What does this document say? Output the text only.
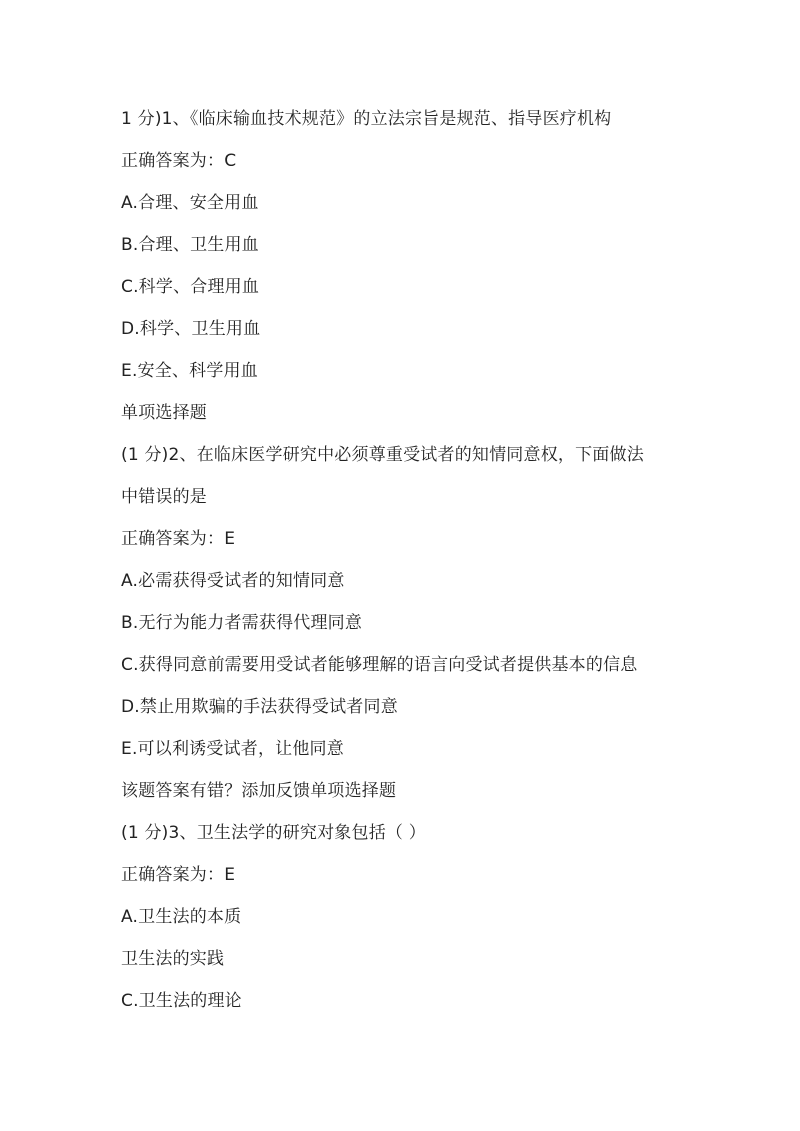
1 分)1、《临床输血技术规范》的立法宗旨是规范、指导医疗机构
正确答案为：C
A.合理、安全用血
B.合理、卫生用血
C.科学、合理用血
D.科学、卫生用血
E.安全、科学用血
单项选择题
(1 分)2、在临床医学研究中必须尊重受试者的知情同意权，下面做法
中错误的是
正确答案为：E
A.必需获得受试者的知情同意
B.无行为能力者需获得代理同意
C.获得同意前需要用受试者能够理解的语言向受试者提供基本的信息
D.禁止用欺骗的手法获得受试者同意
E.可以利诱受试者，让他同意
该题答案有错？添加反馈单项选择题
(1 分)3、卫生法学的研究对象包括（ ）
正确答案为：E
A.卫生法的本质
卫生法的实践
C.卫生法的理论
